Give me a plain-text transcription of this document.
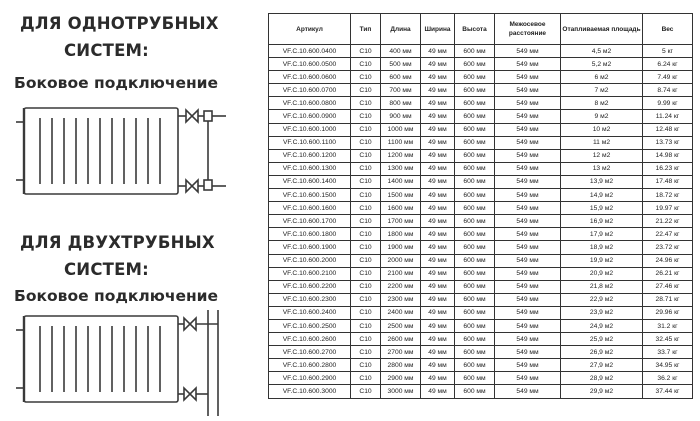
ДЛЯ ОДНОТРУБНЫХ
СИСТЕМ:
Боковое подключение
ДЛЯ ДВУХТРУБНЫХ
СИСТЕМ:
Боковое подключение
Артикул	Тип	Длина	Ширина	Высота	Межосевое расстояние	Отапливаемая площадь	Вес
VF.C.10.600.0400	C10	400 мм	49 мм	600 мм	549 мм	4,5 м2	5 кг
VF.C.10.600.0500	C10	500 мм	49 мм	600 мм	549 мм	5,2 м2	6.24 кг
VF.C.10.600.0600	C10	600 мм	49 мм	600 мм	549 мм	6 м2	7.49 кг
VF.C.10.600.0700	C10	700 мм	49 мм	600 мм	549 мм	7 м2	8.74 кг
VF.C.10.600.0800	C10	800 мм	49 мм	600 мм	549 мм	8 м2	9.99 кг
VF.C.10.600.0900	C10	900 мм	49 мм	600 мм	549 мм	9 м2	11.24 кг
VF.C.10.600.1000	C10	1000 мм	49 мм	600 мм	549 мм	10 м2	12.48 кг
VF.C.10.600.1100	C10	1100 мм	49 мм	600 мм	549 мм	11 м2	13.73 кг
VF.C.10.600.1200	C10	1200 мм	49 мм	600 мм	549 мм	12 м2	14.98 кг
VF.C.10.600.1300	C10	1300 мм	49 мм	600 мм	549 мм	13 м2	16.23 кг
VF.C.10.600.1400	C10	1400 мм	49 мм	600 мм	549 мм	13,9 м2	17.48 кг
VF.C.10.600.1500	C10	1500 мм	49 мм	600 мм	549 мм	14,9 м2	18.72 кг
VF.C.10.600.1600	C10	1600 мм	49 мм	600 мм	549 мм	15,9 м2	19.97 кг
VF.C.10.600.1700	C10	1700 мм	49 мм	600 мм	549 мм	16,9 м2	21.22 кг
VF.C.10.600.1800	C10	1800 мм	49 мм	600 мм	549 мм	17,9 м2	22.47 кг
VF.C.10.600.1900	C10	1900 мм	49 мм	600 мм	549 мм	18,9 м2	23.72 кг
VF.C.10.600.2000	C10	2000 мм	49 мм	600 мм	549 мм	19,9 м2	24.96 кг
VF.C.10.600.2100	C10	2100 мм	49 мм	600 мм	549 мм	20,9 м2	26.21 кг
VF.C.10.600.2200	C10	2200 мм	49 мм	600 мм	549 мм	21,8 м2	27.46 кг
VF.C.10.600.2300	C10	2300 мм	49 мм	600 мм	549 мм	22,9 м2	28.71 кг
VF.C.10.600.2400	C10	2400 мм	49 мм	600 мм	549 мм	23,9 м2	29.96 кг
VF.C.10.600.2500	C10	2500 мм	49 мм	600 мм	549 мм	24,9 м2	31.2 кг
VF.C.10.600.2600	C10	2600 мм	49 мм	600 мм	549 мм	25,9 м2	32.45 кг
VF.C.10.600.2700	C10	2700 мм	49 мм	600 мм	549 мм	26,9 м2	33.7 кг
VF.C.10.600.2800	C10	2800 мм	49 мм	600 мм	549 мм	27,9 м2	34.95 кг
VF.C.10.600.2900	C10	2900 мм	49 мм	600 мм	549 мм	28,9 м2	36.2 кг
VF.C.10.600.3000	C10	3000 мм	49 мм	600 мм	549 мм	29,9 м2	37.44 кг
